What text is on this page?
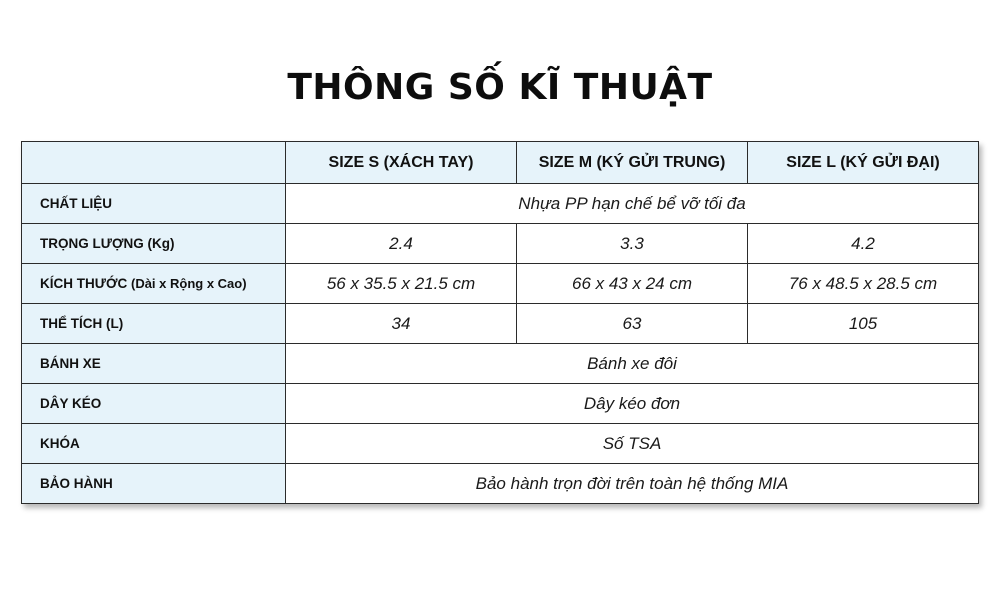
THÔNG SỐ KĨ THUẬT
	SIZE S (XÁCH TAY)	SIZE M (KÝ GỬI TRUNG)	SIZE L (KÝ GỬI ĐẠI)
CHẤT LIỆU	Nhựa PP hạn chế bể vỡ tối đa		
TRỌNG LƯỢNG (Kg)	2.4	3.3	4.2
KÍCH THƯỚC (Dài x Rộng x Cao)	56 x 35.5 x 21.5 cm	66 x 43 x 24 cm	76 x 48.5 x 28.5 cm
THỂ TÍCH (L)	34	63	105
BÁNH XE	Bánh xe đôi		
DÂY KÉO	Dây kéo đơn		
KHÓA	Số TSA		
BẢO HÀNH	Bảo hành trọn đời trên toàn hệ thống MIA		
